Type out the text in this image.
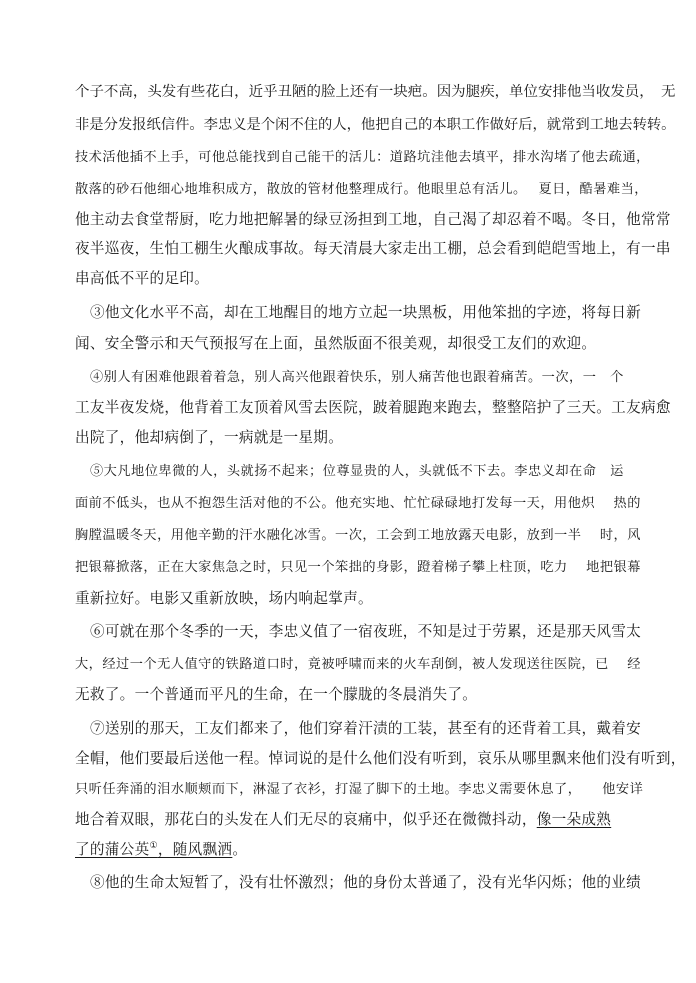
个子不高，头发有些花白，近乎丑陋的脸上还有一块疤。因为腿疾，单位安排他当收发员，　无
非是分发报纸信件。李忠义是个闲不住的人，他把自己的本职工作做好后，就常到工地去转转。
技术活他插不上手，可他总能找到自己能干的活儿：道路坑洼他去填平，排水沟堵了他去疏通，
散落的砂石他细心地堆积成方，散放的管材他整理成行。他眼里总有活儿。　 夏日，酷暑难当，
他主动去食堂帮厨，吃力地把解暑的绿豆汤担到工地，自己渴了却忍着不喝。冬日，他常常
夜半巡夜，生怕工棚生火酿成事故。每天清晨大家走出工棚，总会看到皑皑雪地上，有一串
串高低不平的足印。
③他文化水平不高，却在工地醒目的地方立起一块黑板，用他笨拙的字迹，将每日新
闻、安全警示和天气预报写在上面，虽然版面不很美观，却很受工友们的欢迎。
④别人有困难他跟着着急，别人高兴他跟着快乐，别人痛苦他也跟着痛苦。一次，一　个
工友半夜发烧，他背着工友顶着风雪去医院，跛着腿跑来跑去，整整陪护了三天。工友病愈
出院了，他却病倒了，一病就是一星期。
⑤大凡地位卑微的人，头就扬不起来；位尊显贵的人，头就低不下去。李忠义却在命　运
面前不低头，也从不抱怨生活对他的不公。他充实地、忙忙碌碌地打发每一天，用他炽　 热的
胸膛温暖冬天，用他辛勤的汗水融化冰雪。一次，工会到工地放露天电影，放到一半　 时，风
把银幕掀落，正在大家焦急之时，只见一个笨拙的身影，蹬着梯子攀上柱顶，吃力　 地把银幕
重新拉好。电影又重新放映，场内响起掌声。
⑥可就在那个冬季的一天，李忠义值了一宿夜班，不知是过于劳累，还是那天风雪太
大，经过一个无人值守的铁路道口时，竟被呼啸而来的火车刮倒，被人发现送往医院，已　 经
无救了。一个普通而平凡的生命，在一个朦胧的冬晨消失了。
⑦送别的那天，工友们都来了，他们穿着汗渍的工装，甚至有的还背着工具，戴着安
全帽，他们要最后送他一程。悼词说的是什么他们没有听到，哀乐从哪里飘来他们没有听到，
只听任奔涌的泪水顺颊而下，淋湿了衣衫，打湿了脚下的土地。李忠义需要休息了，　　他安详
地合着双眼，那花白的头发在人们无尽的哀痛中，似乎还在微微抖动，像一朵成熟
了的蒲公英①，随风飘洒。
⑧他的生命太短暂了，没有壮怀激烈；他的身份太普通了，没有光华闪烁；他的业绩
